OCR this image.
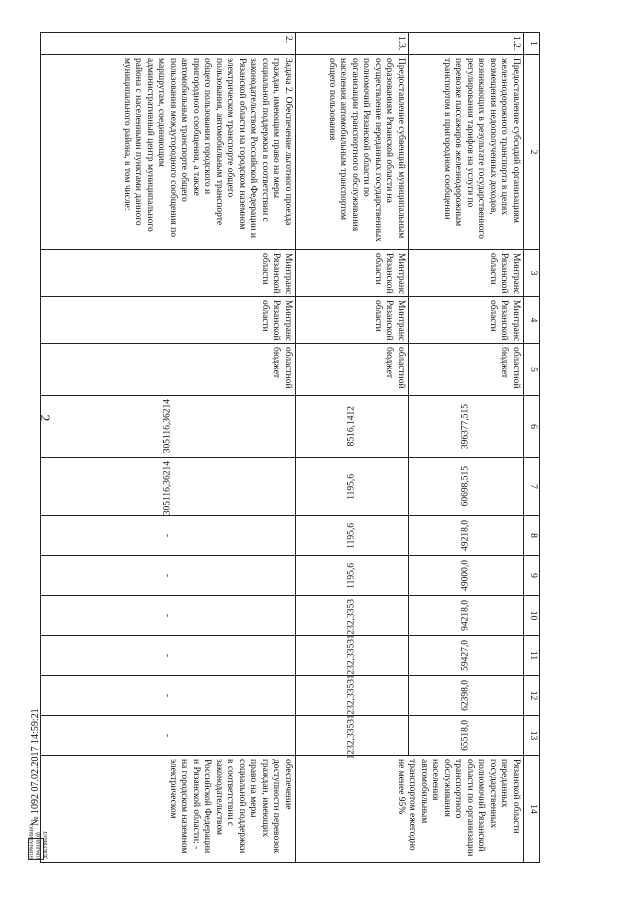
2
НОРМАТИВНО-ПРАВОВОЙ ДОКУМЕНТ
№ 1092 07.02.2017 14:59:21
1	2	3	4	5	6	7	8	9	10	11	12	13	14
1.2.	Предоставление субсидий организациям железнодорожного транспорта в целях возмещения недополученных доходов, возникающих в результате государственного регулирования тарифов на услуги по перевозке пассажиров железнодорожным транспортом в пригородном сообщении	Минтранс Рязанской области	Минтранс Рязанской области	областной бюджет	396377,515	60698,515	49218,0	49000,0	94218,0	59427,0	62398,0	65518,0	Рязанской области переданных государственных полномочий Рязанской области по организации транспортного обслуживания населения автомобильным транспортом ежегодно не менее 95%
1.3.	Предоставление субвенций муниципальным образованиям Рязанской области на осуществление переданных государственных полномочий Рязанской области по организации транспортного обслуживания населения автомобильным транспортом общего пользования	Минтранс Рязанской области	Минтранс Рязанской области	областной бюджет	8516,1412	1195,6	1195,6	1195,6	1232,3353	1232,3353	1232,3353	1232,3353	
2.	Задача 2. Обеспечение льготного проезда граждан, имеющим право на меры социальной поддержки в соответствии с законодательством Российской Федерации и Рязанской области на городском наземном электрическом транспорте общего пользования, автомобильным транспорте общего пользования городского и пригородного сообщения, а также автомобильным транспорте общего пользования междугородного сообщения по маршрутам, соединяющим административный центр муниципального района с населенными пунктами данного муниципального района, в том числе:	Минтранс Рязанской области	Минтранс Рязанской области	областной бюджет	305116,36214	305116,36214	-	-	-	-	-	-	обеспечение доступности перевозок граждан, имеющих право на меры социальной поддержки в соответствии с законодательством Российской Федерации и Рязанской области: - на городском наземном электрическом
